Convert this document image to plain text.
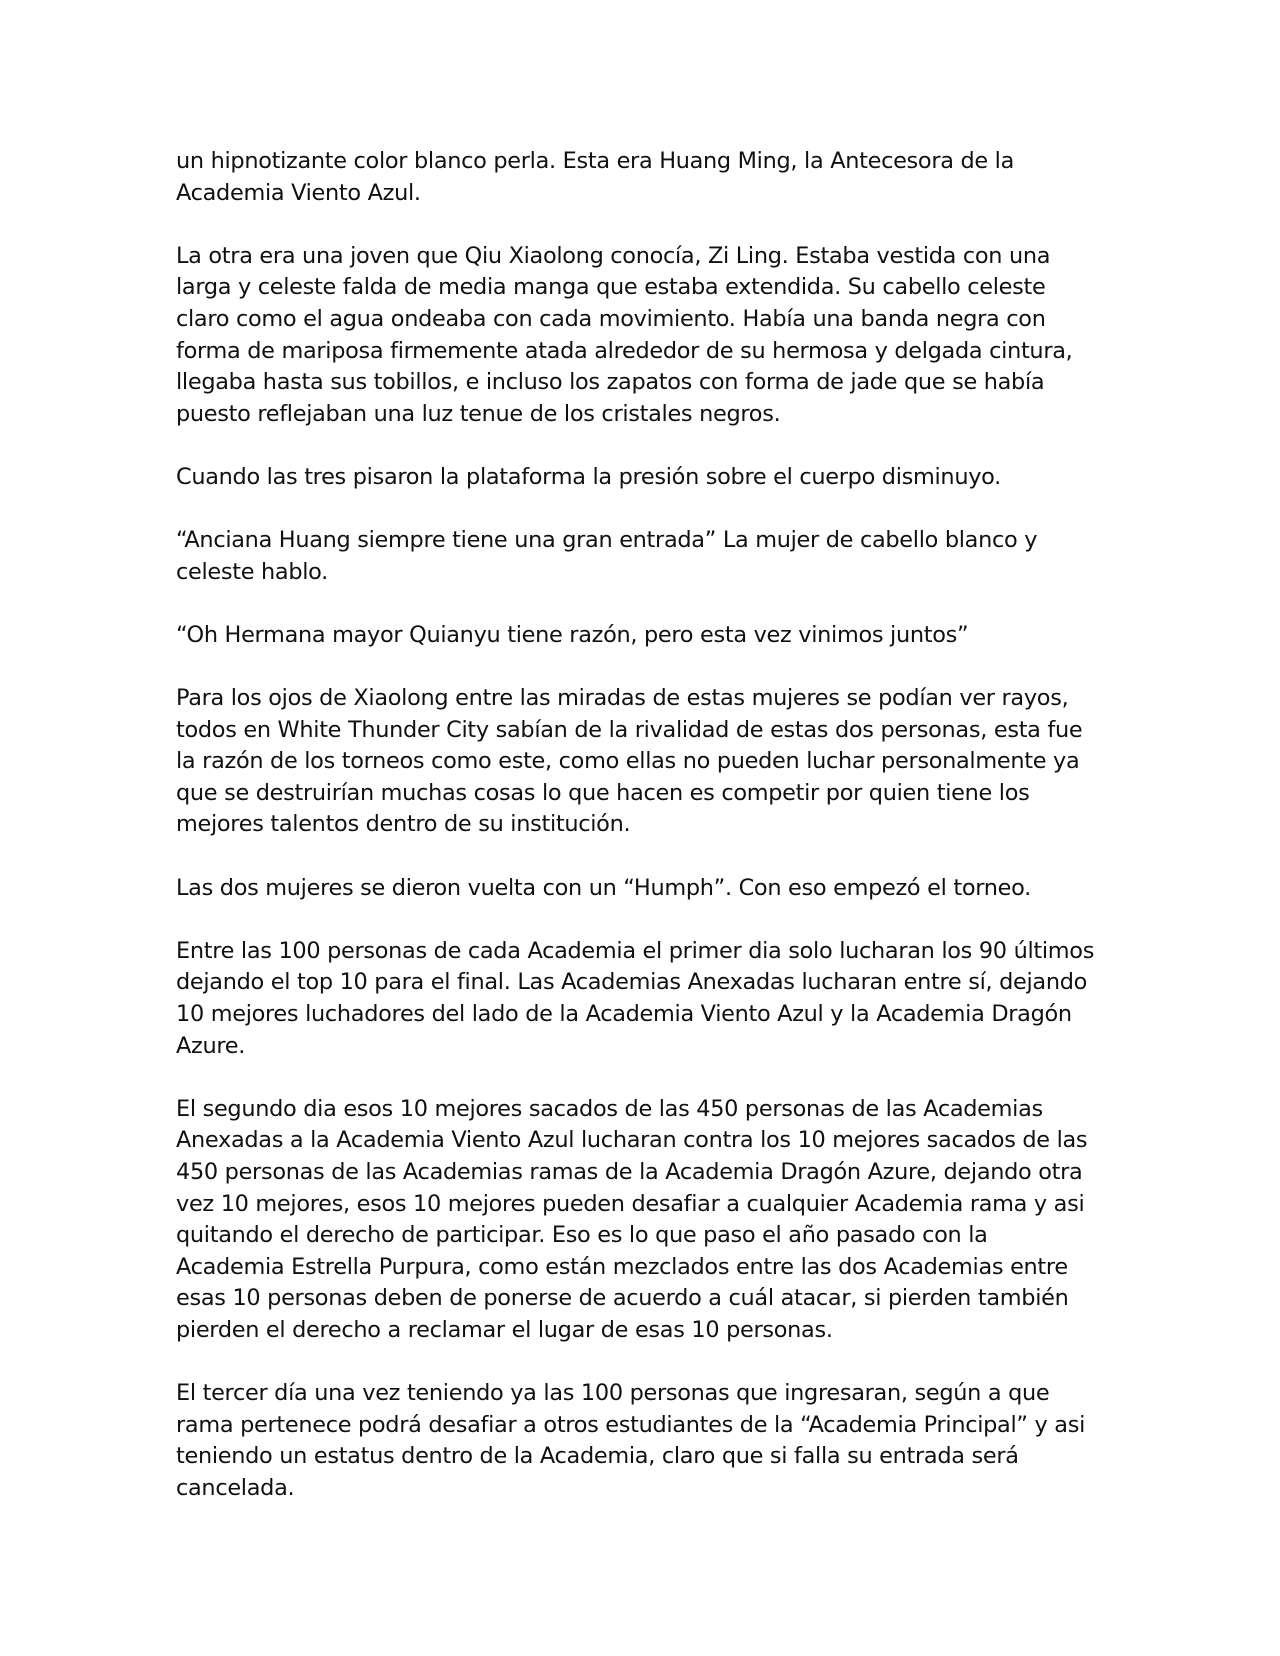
un hipnotizante color blanco perla. Esta era Huang Ming, la Antecesora de la Academia Viento Azul.

La otra era una joven que Qiu Xiaolong conocía, Zi Ling. Estaba vestida con una larga y celeste falda de media manga que estaba extendida. Su cabello celeste claro como el agua ondeaba con cada movimiento. Había una banda negra con forma de mariposa firmemente atada alrededor de su hermosa y delgada cintura, llegaba hasta sus tobillos, e incluso los zapatos con forma de jade que se había puesto reflejaban una luz tenue de los cristales negros.

Cuando las tres pisaron la plataforma la presión sobre el cuerpo disminuyo.

“Anciana Huang siempre tiene una gran entrada” La mujer de cabello blanco y celeste hablo.

“Oh Hermana mayor Quianyu tiene razón, pero esta vez vinimos juntos”

Para los ojos de Xiaolong entre las miradas de estas mujeres se podían ver rayos, todos en White Thunder City sabían de la rivalidad de estas dos personas, esta fue la razón de los torneos como este, como ellas no pueden luchar personalmente ya que se destruirían muchas cosas lo que hacen es competir por quien tiene los mejores talentos dentro de su institución.

Las dos mujeres se dieron vuelta con un “Humph”. Con eso empezó el torneo.

Entre las 100 personas de cada Academia el primer dia solo lucharan los 90 últimos dejando el top 10 para el final. Las Academias Anexadas lucharan entre sí, dejando 10 mejores luchadores del lado de la Academia Viento Azul y la Academia Dragón Azure.

El segundo dia esos 10 mejores sacados de las 450 personas de las Academias Anexadas a la Academia Viento Azul lucharan contra los 10 mejores sacados de las 450 personas de las Academias ramas de la Academia Dragón Azure, dejando otra vez 10 mejores, esos 10 mejores pueden desafiar a cualquier Academia rama y asi quitando el derecho de participar. Eso es lo que paso el año pasado con la Academia Estrella Purpura, como están mezclados entre las dos Academias entre esas 10 personas deben de ponerse de acuerdo a cuál atacar, si pierden también pierden el derecho a reclamar el lugar de esas 10 personas.

El tercer día una vez teniendo ya las 100 personas que ingresaran, según a que rama pertenece podrá desafiar a otros estudiantes de la “Academia Principal” y asi teniendo un estatus dentro de la Academia, claro que si falla su entrada será cancelada.
